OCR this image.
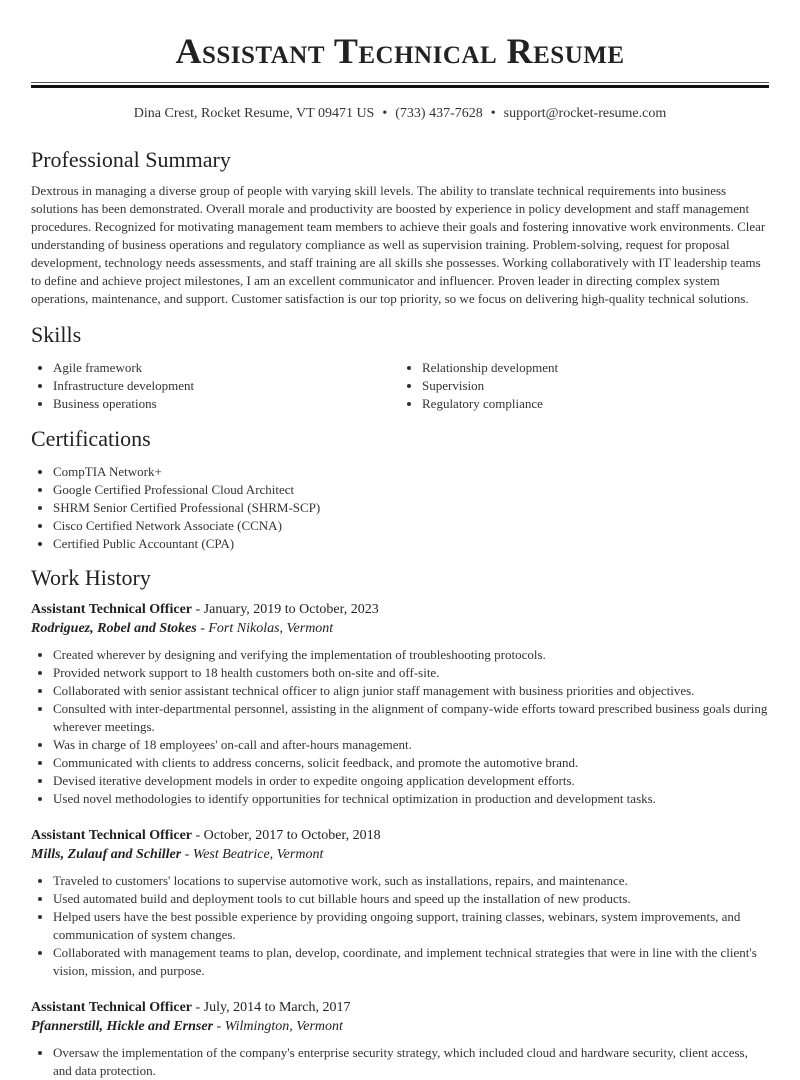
Assistant Technical Resume
Dina Crest, Rocket Resume, VT 09471 US • (733) 437-7628 • support@rocket-resume.com
Professional Summary

Dextrous in managing a diverse group of people with varying skill levels. The ability to translate technical requirements into business solutions has been demonstrated. Overall morale and productivity are boosted by experience in policy development and staff management procedures. Recognized for motivating management team members to achieve their goals and fostering innovative work environments. Clear understanding of business operations and regulatory compliance as well as supervision training. Problem-solving, request for proposal development, technology needs assessments, and staff training are all skills she possesses. Working collaboratively with IT leadership teams to define and achieve project milestones, I am an excellent communicator and influencer. Proven leader in directing complex system operations, maintenance, and support. Customer satisfaction is our top priority, so we focus on delivering high-quality technical solutions.

Skills
• Agile framework
• Infrastructure development
• Business operations
• Relationship development
• Supervision
• Regulatory compliance
Certifications
• CompTIA Network+
• Google Certified Professional Cloud Architect
• SHRM Senior Certified Professional (SHRM-SCP)
• Cisco Certified Network Associate (CCNA)
• Certified Public Accountant (CPA)
Work History
Assistant Technical Officer - January, 2019 to October, 2023
Rodriguez, Robel and Stokes - Fort Nikolas, Vermont
• Created wherever by designing and verifying the implementation of troubleshooting protocols.
• Provided network support to 18 health customers both on-site and off-site.
• Collaborated with senior assistant technical officer to align junior staff management with business priorities and objectives.
• Consulted with inter-departmental personnel, assisting in the alignment of company-wide efforts toward prescribed business goals during wherever meetings.
• Was in charge of 18 employees' on-call and after-hours management.
• Communicated with clients to address concerns, solicit feedback, and promote the automotive brand.
• Devised iterative development models in order to expedite ongoing application development efforts.
• Used novel methodologies to identify opportunities for technical optimization in production and development tasks.
Assistant Technical Officer - October, 2017 to October, 2018
Mills, Zulauf and Schiller - West Beatrice, Vermont
• Traveled to customers' locations to supervise automotive work, such as installations, repairs, and maintenance.
• Used automated build and deployment tools to cut billable hours and speed up the installation of new products.
• Helped users have the best possible experience by providing ongoing support, training classes, webinars, system improvements, and communication of system changes.
• Collaborated with management teams to plan, develop, coordinate, and implement technical strategies that were in line with the client's vision, mission, and purpose.
Assistant Technical Officer - July, 2014 to March, 2017
Pfannerstill, Hickle and Ernser - Wilmington, Vermont
• Oversaw the implementation of the company's enterprise security strategy, which included cloud and hardware security, client access, and data protection.
